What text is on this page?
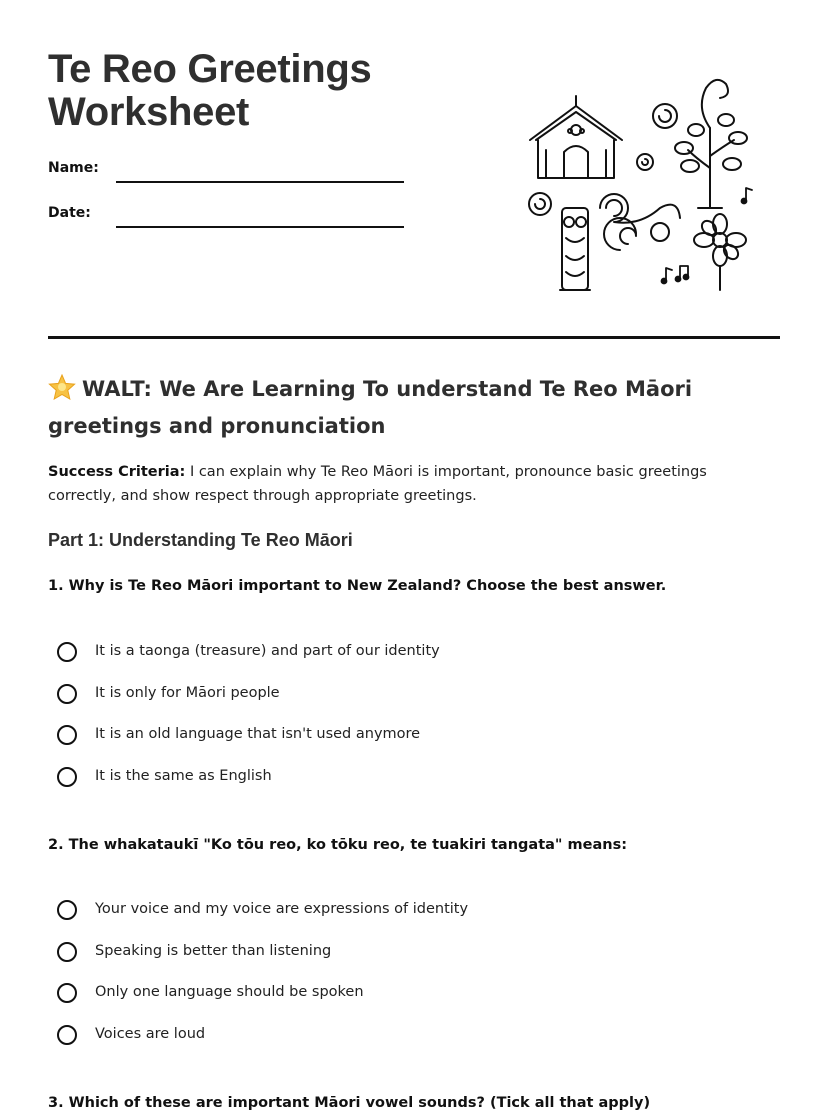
Te Reo Greetings
Worksheet
Name:
Date:
WALT: We Are Learning To understand Te Reo Māori greetings and pronunciation

Success Criteria: I can explain why Te Reo Māori is important, pronounce basic greetings correctly, and show respect through appropriate greetings.

Part 1: Understanding Te Reo Māori

1. Why is Te Reo Māori important to New Zealand? Choose the best answer.

It is a taonga (treasure) and part of our identity
It is only for Māori people
It is an old language that isn't used anymore
It is the same as English

2. The whakataukī "Ko tōu reo, ko tōku reo, te tuakiri tangata" means:

Your voice and my voice are expressions of identity
Speaking is better than listening
Only one language should be spoken
Voices are loud

3. Which of these are important Māori vowel sounds? (Tick all that apply)
